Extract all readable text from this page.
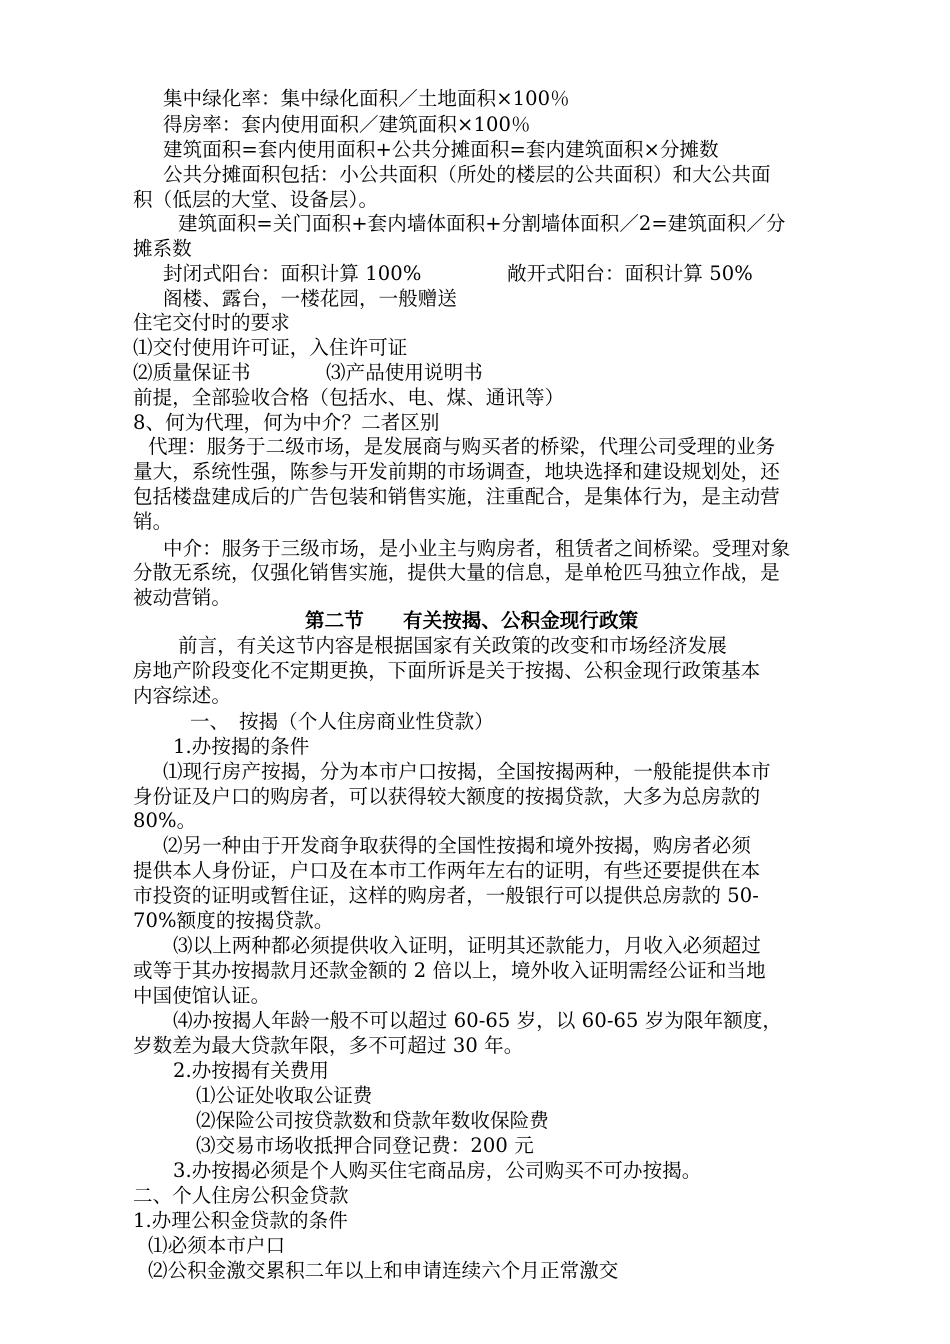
集中绿化率：集中绿化面积／土地面积×100％
得房率：套内使用面积／建筑面积×100％
建筑面积=套内使用面积+公共分摊面积=套内建筑面积×分摊数
公共分摊面积包括：小公共面积（所处的楼层的公共面积）和大公共面
积（低层的大堂、设备层）。
建筑面积=关门面积+套内墙体面积+分割墙体面积／2=建筑面积／分
摊系数
封闭式阳台：面积计算 100%	敞开式阳台：面积计算 50%
阁楼、露台，一楼花园，一般赠送
住宅交付时的要求
⑴交付使用许可证，入住许可证
⑵质量保证书	⑶产品使用说明书
前提，全部验收合格（包括水、电、煤、通讯等）
8、何为代理，何为中介？二者区别
代理：服务于二级市场，是发展商与购买者的桥梁，代理公司受理的业务
量大，系统性强，陈参与开发前期的市场调查，地块选择和建设规划处，还
包括楼盘建成后的广告包装和销售实施，注重配合，是集体行为，是主动营
销。
中介：服务于三级市场，是小业主与购房者，租赁者之间桥梁。受理对象
分散无系统，仅强化销售实施，提供大量的信息，是单枪匹马独立作战，是
被动营销。
第二节　　有关按揭、公积金现行政策
前言，有关这节内容是根据国家有关政策的改变和市场经济发展
房地产阶段变化不定期更换，下面所诉是关于按揭、公积金现行政策基本
内容综述。
一、　按揭（个人住房商业性贷款）
1.办按揭的条件
⑴现行房产按揭，分为本市户口按揭，全国按揭两种，一般能提供本市
身份证及户口的购房者，可以获得较大额度的按揭贷款，大多为总房款的
80%。
⑵另一种由于开发商争取获得的全国性按揭和境外按揭，购房者必须
提供本人身份证，户口及在本市工作两年左右的证明，有些还要提供在本
市投资的证明或暂住证，这样的购房者，一般银行可以提供总房款的 50-
70%额度的按揭贷款。
⑶以上两种都必须提供收入证明，证明其还款能力，月收入必须超过
或等于其办按揭款月还款金额的 2 倍以上，境外收入证明需经公证和当地
中国使馆认证。
⑷办按揭人年龄一般不可以超过 60-65 岁，以 60-65 岁为限年额度，
岁数差为最大贷款年限，多不可超过 30 年。
2.办按揭有关费用
⑴公证处收取公证费
⑵保险公司按贷款数和贷款年数收保险费
⑶交易市场收抵押合同登记费：200 元
3.办按揭必须是个人购买住宅商品房，公司购买不可办按揭。
二、个人住房公积金贷款
1.办理公积金贷款的条件
⑴必须本市户口
⑵公积金激交累积二年以上和申请连续六个月正常激交
